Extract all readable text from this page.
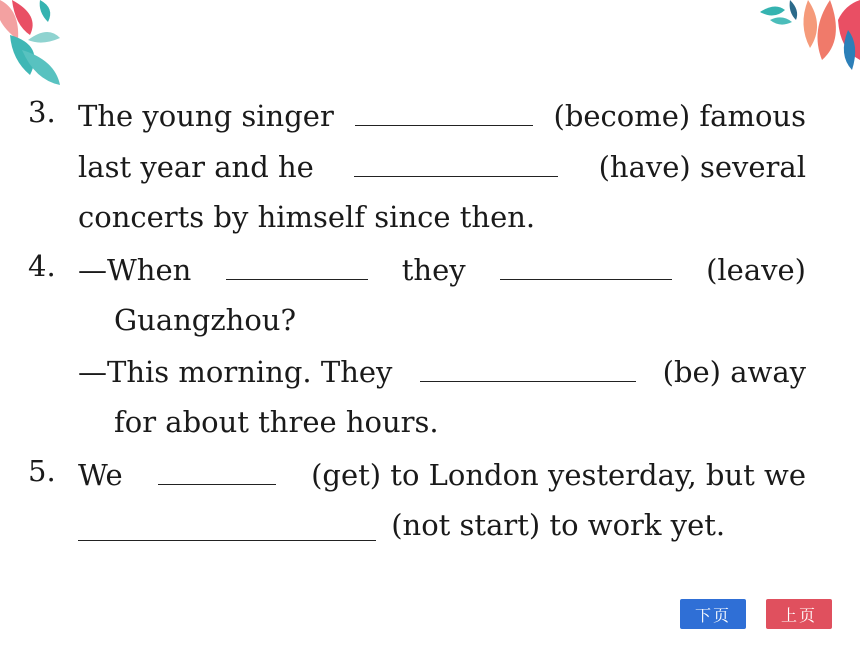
3. The young singer	(become) famous
last year and he	(have) several
concerts by himself since then.
4. —When	they	(leave)
Guangzhou?
—This morning. They	(be) away
for about three hours.
5. We	(get) to London yesterday, but we
(not start) to work yet.
下页	上页
